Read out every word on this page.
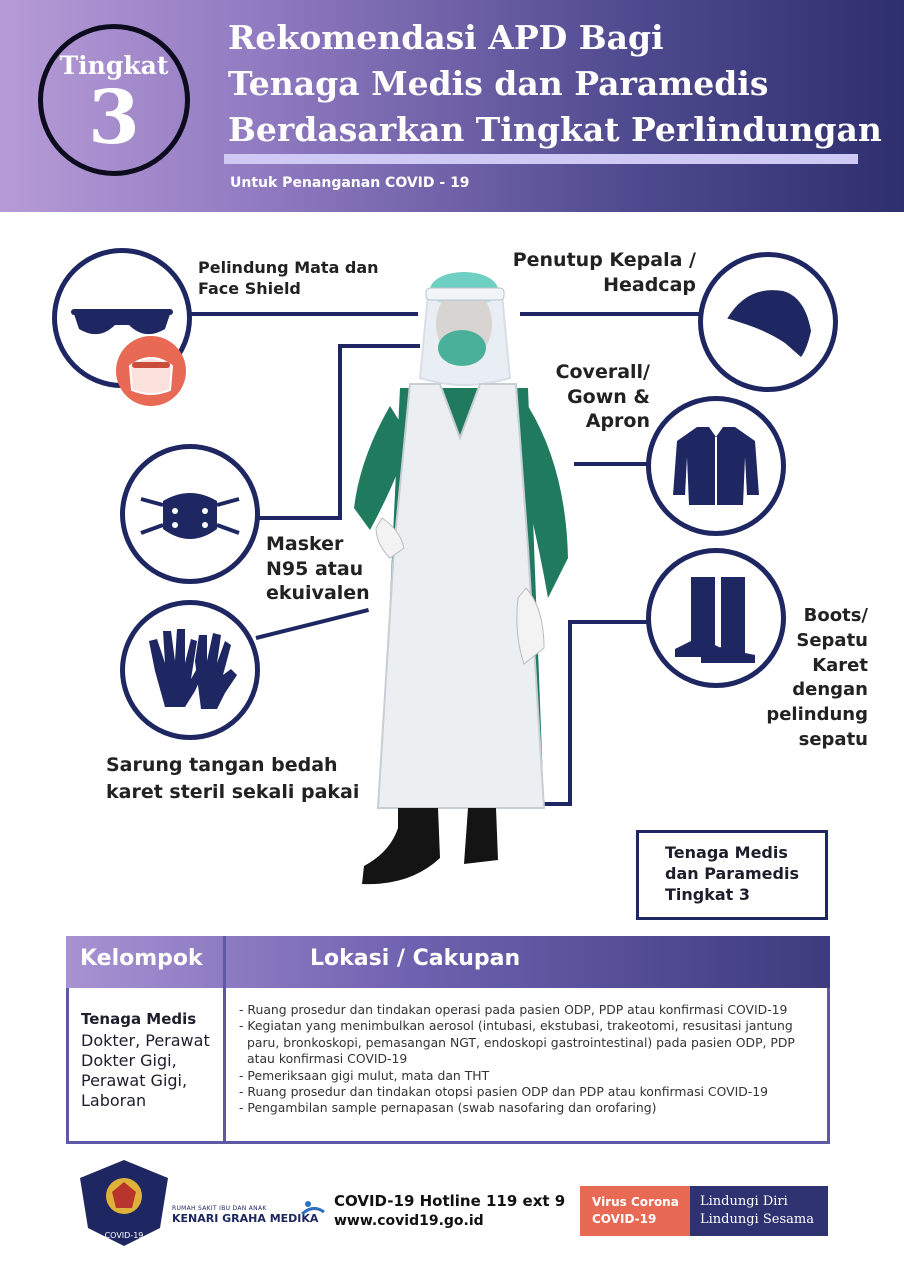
Tingkat
3
Rekomendasi APD Bagi
Tenaga Medis dan Paramedis
Berdasarkan Tingkat Perlindungan
Untuk Penanganan COVID - 19
Pelindung Mata dan
Face Shield
Penutup Kepala /
Headcap
Coverall/
Gown &
Apron
Masker
N95 atau
ekuivalen
Sarung tangan bedah
karet steril sekali pakai
Boots/
Sepatu
Karet
dengan
pelindung
sepatu
Tenaga Medis
dan Paramedis
Tingkat 3
Kelompok	Lokasi / Cakupan
Tenaga Medis
Dokter, Perawat
Dokter Gigi,
Perawat Gigi,
Laboran
- Ruang prosedur dan tindakan operasi pada pasien ODP, PDP atau konfirmasi COVID-19
- Kegiatan yang menimbulkan aerosol (intubasi, ekstubasi, trakeotomi, resusitasi jantung paru, bronkoskopi, pemasangan NGT, endoskopi gastrointestinal) pada pasien ODP, PDP atau konfirmasi COVID-19
- Pemeriksaan gigi mulut, mata dan THT
- Ruang prosedur dan tindakan otopsi pasien ODP dan PDP atau konfirmasi COVID-19
- Pengambilan sample pernapasan (swab nasofaring dan orofaring)
COVID-19
RUMAH SAKIT IBU DAN ANAK
KENARI GRAHA MEDIKA
COVID-19 Hotline 119 ext 9
www.covid19.go.id
Virus Corona
COVID-19
Lindungi Diri
Lindungi Sesama
